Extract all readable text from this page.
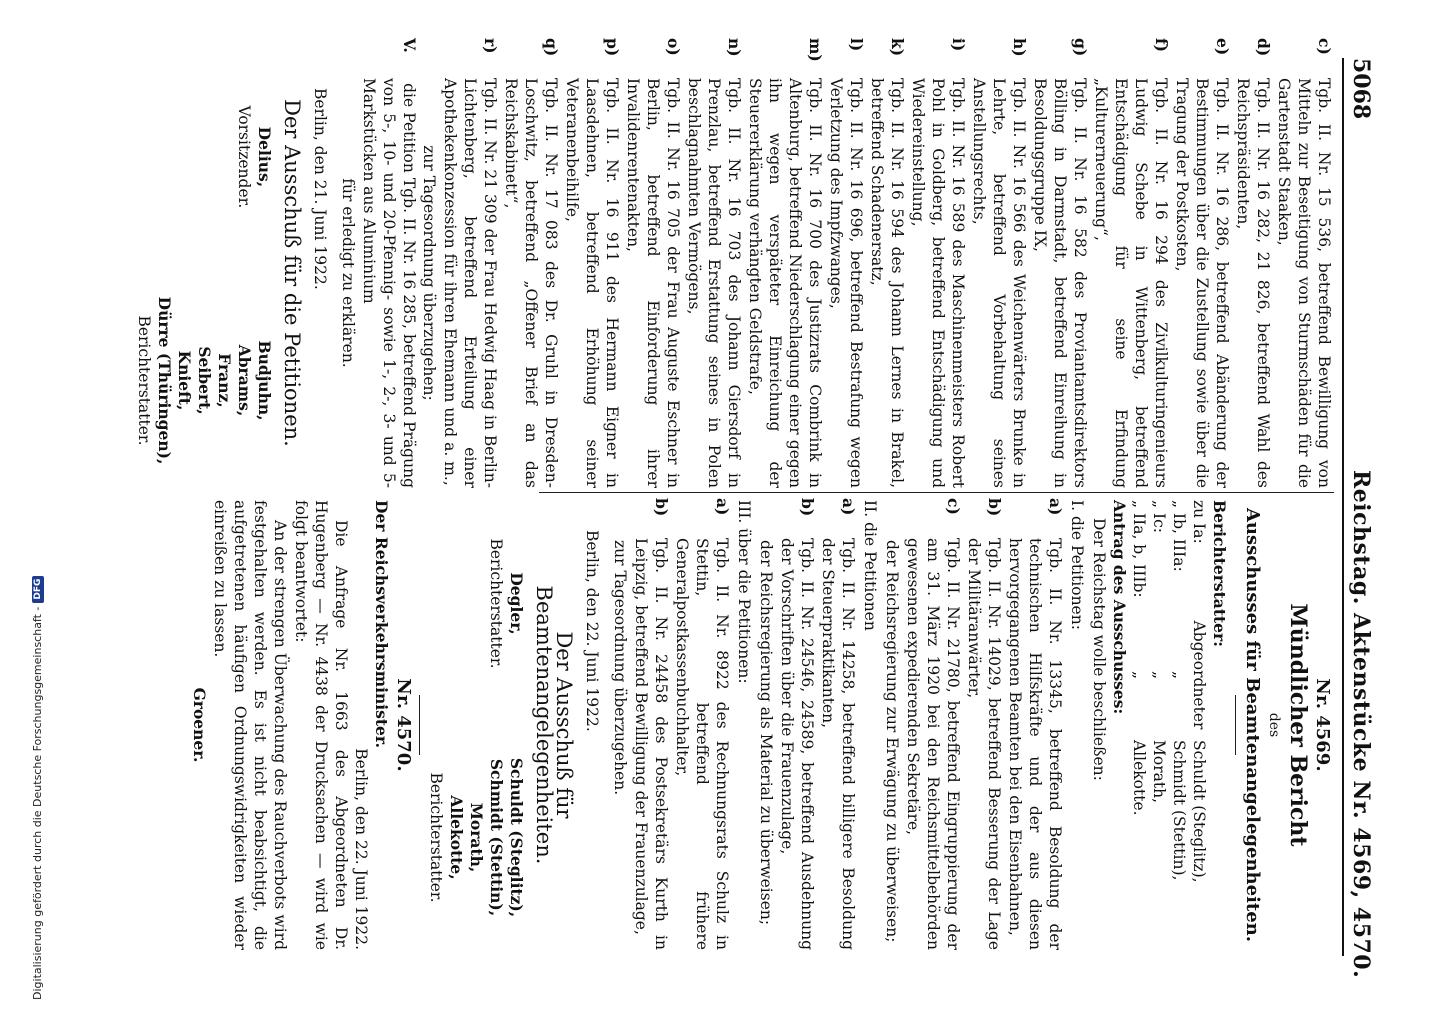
5068
Reichstag. Aktenstücke Nr. 4569, 4570.
c)Tgb. II. Nr. 15 536, betreffend Bewilligung von Mitteln zur Beseitigung von Sturmschäden für die Gartenstadt Staaken,
d)Tgb. II. Nr. 16 282, 21 826, betreffend Wahl des Reichspräsidenten,
e)Tgb. II. Nr. 16 286, betreffend Abänderung der Bestimmungen über die Zustellung sowie über die Tragung der Postkosten,
f)Tgb. II. Nr. 16 294 des Zivilkulturingenieurs Ludwig Schebe in Wittenberg, betreffend Entschädigung für seine Erfindung „Kulturerneuerung“,
g)Tgb. II. Nr. 16 582 des Proviantamtsdirektors Bölling in Darmstadt, betreffend Einreihung in Besoldungsgruppe IX,
h)Tgb. II. Nr. 16 566 des Weichenwärters Brunke in Lehrte, betreffend Vorbehaltung seines Anstellungsrechts,
i)Tgb. II. Nr. 16 589 des Maschinenmeisters Robert Pohl in Goldberg, betreffend Entschädigung und Wiedereinstellung,
k)Tgb. II. Nr. 16 594 des Johann Lernes in Brakel, betreffend Schadenersatz,
l)Tgb. II. Nr. 16 696, betreffend Bestrafung wegen Verletzung des Impfzwanges,
m)Tgb. II. Nr. 16 700 des Justizrats Combrink in Altenburg, betreffend Niederschlagung einer gegen ihn wegen verspäteter Einreichung der Steuererklärung verhängten Geldstrafe,
n)Tgb. II. Nr. 16 703 des Johann Giersdorf in Prenzlau, betreffend Erstattung seines in Polen beschlagnahmten Vermögens,
o)Tgb. II. Nr. 16 705 der Frau Auguste Eschner in Berlin, betreffend Einforderung ihrer Invalidenrentenakten,
p)Tgb. II. Nr. 16 911 des Hermann Eigner in Laasdehnen, betreffend Erhöhung seiner Veteranenbeihilfe,
q)Tgb. II. Nr. 17 083 des Dr. Gruhl in Dresden-Loschwitz, betreffend „Offener Brief an das Reichskabinett“,
r)Tgb. II. Nr. 21 309 der Frau Hedwig Haag in Berlin-Lichtenberg, betreffend Erteilung einer Apothekenkonzession für ihren Ehemann und a. m.,

zur Tagesordnung überzugehen;

V. die Petition Tgb. II. Nr. 16 285, betreffend Prägung von 5-, 10- und 20-Pfennig- sowie 1-, 2-, 3- und 5-Markstücken aus Aluminium

für erledigt zu erklären.

Berlin, den 21. Juni 1922.

Der Ausschuß für die Petitionen.
Delius,
Vorsitzender.
Budjuhn,
Abrams,
Franz,
Seibert,
Knieft,
Dürre (Thüringen),
Berichterstatter.
Nr. 4569.
Mündlicher Bericht
des
Ausschusses für Beamtenangelegenheiten.

Berichterstatter:

zu Ia:
Abgeordneter
Schuldt (Steglitz),
„ Ib, IIIa:
„
Schmidt (Stettin),
„ Ic:
„
Morath,
„ IIa, b, IIIb:
„
Allekotte.

Antrag des Ausschusses:

Der Reichstag wolle beschließen:

I. die Petitionen:

a)Tgb. II. Nr. 13345, betreffend Besoldung der technischen Hilfskräfte und der aus diesen hervorgegangenen Beamten bei den Eisenbahnen,
b)Tgb. II. Nr. 14029, betreffend Besserung der Lage der Militäranwärter,
c)Tgb. II. Nr. 21780, betreffend Eingruppierung der am 31. März 1920 bei den Reichsmittelbehörden gewesenen expedierenden Sekretäre,

der Reichsregierung zur Erwägung zu überweisen;

II. die Petitionen

a)Tgb. II. Nr. 14258, betreffend billigere Besoldung der Steuerpraktikanten,
b)Tgb. II. Nr. 24546, 24589, betreffend Ausdehnung der Vorschriften über die Frauenzulage,

der Reichsregierung als Material zu überweisen;

III. über die Petitionen:

a)Tgb. II. Nr. 8922 des Rechnungsrats Schulz in Stettin, betreffend frühere Generalpostkassenbuchhalter,
b)Tgb. II. Nr. 24458 des Postsekretärs Kurth in Leipzig, betreffend Bewilligung der Frauenzulage,

zur Tagesordnung überzugehen.

Berlin, den 22. Juni 1922.

Der Ausschuß für Beamtenangelegenheiten.
Degler,
Berichterstatter.
Schuldt (Steglitz),
Schmidt (Stettin),
Morath,
Allekotte,
Berichterstatter.
Nr. 4570.

Der Reichsverkehrsminister.

Berlin, den 22. Juni 1922.

Die Anfrage Nr. 1663 des Abgeordneten Dr. Hugenberg — Nr. 4438 der Drucksachen — wird wie folgt beantwortet:

An der strengen Überwachung des Rauchverbots wird festgehalten werden. Es ist nicht beabsichtigt, die aufgetretenen häufigen Ordnungswidrigkeiten wieder einreißen zu lassen.

Groener.

Digitalisierung gefördert durch die Deutsche Forschungsgemeinschaft -
DFG
